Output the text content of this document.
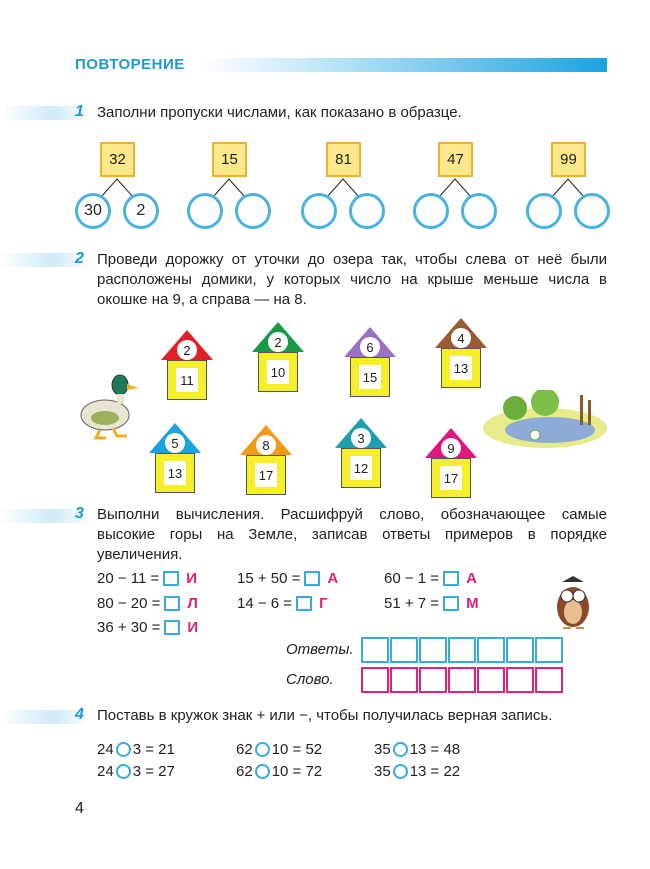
ПОВТОРЕНИЕ
1 Заполни пропуски числами, как показано в образце.
2 Проведи дорожку от уточки до озера так, чтобы слева от неё были расположены домики, у которых число на крыше меньше числа в окошке на 9, а справа — на 8.
3 Выполни вычисления. Расшифруй слово, обозначающее самые высокие горы на Земле, записав ответы примеров в порядке увеличения.
Ответы.
Слово.
4 Поставь в кружок знак + или −, чтобы получилась верная запись.
4
32
30	2
15	81	47	99
2
11
2
10
6
15
4
13
5
13
8
17
3
12
9
17
20 − 11 = И	15 + 50 = А	60 − 1 = А
80 − 20 = Л	14 − 6 = Г	51 + 7 = М
36 + 30 = И
24 3 = 21	62 10 = 52	35 13 = 48
24 3 = 27	62 10 = 72	35 13 = 22
